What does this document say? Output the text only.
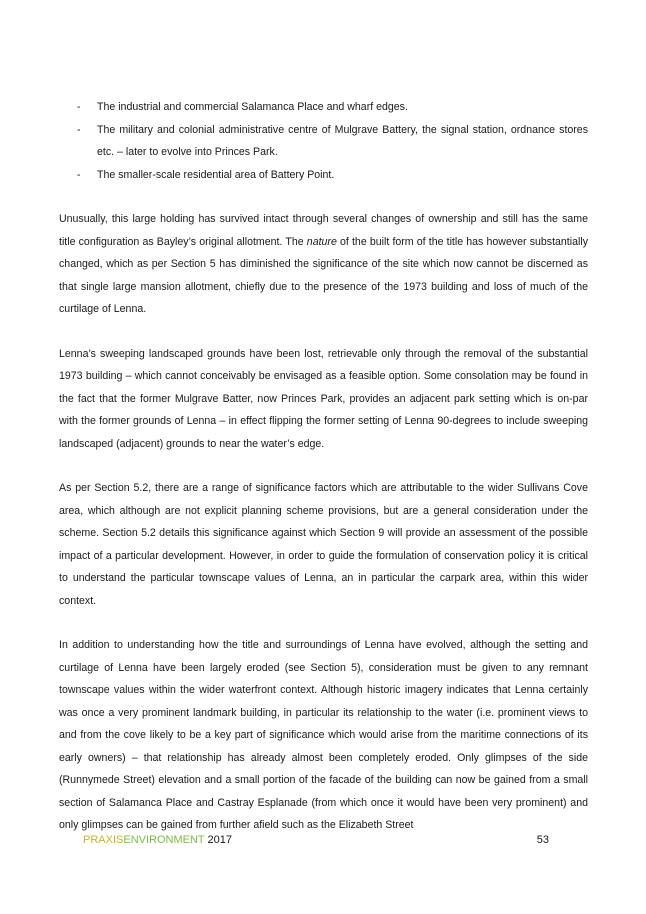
- The industrial and commercial Salamanca Place and wharf edges.
- The military and colonial administrative centre of Mulgrave Battery, the signal station, ordnance stores etc. – later to evolve into Princes Park.
- The smaller-scale residential area of Battery Point.

Unusually, this large holding has survived intact through several changes of ownership and still has the same title configuration as Bayley’s original allotment. The nature of the built form of the title has however substantially changed, which as per Section 5 has diminished the significance of the site which now cannot be discerned as that single large mansion allotment, chiefly due to the presence of the 1973 building and loss of much of the curtilage of Lenna.

Lenna’s sweeping landscaped grounds have been lost, retrievable only through the removal of the substantial 1973 building – which cannot conceivably be envisaged as a feasible option. Some consolation may be found in the fact that the former Mulgrave Batter, now Princes Park, provides an adjacent park setting which is on-par with the former grounds of Lenna – in effect flipping the former setting of Lenna 90-degrees to include sweeping landscaped (adjacent) grounds to near the water’s edge.

As per Section 5.2, there are a range of significance factors which are attributable to the wider Sullivans Cove area, which although are not explicit planning scheme provisions, but are a general consideration under the scheme. Section 5.2 details this significance against which Section 9 will provide an assessment of the possible impact of a particular development. However, in order to guide the formulation of conservation policy it is critical to understand the particular townscape values of Lenna, an in particular the carpark area, within this wider context.

In addition to understanding how the title and surroundings of Lenna have evolved, although the setting and curtilage of Lenna have been largely eroded (see Section 5), consideration must be given to any remnant townscape values within the wider waterfront context. Although historic imagery indicates that Lenna certainly was once a very prominent landmark building, in particular its relationship to the water (i.e. prominent views to and from the cove likely to be a key part of significance which would arise from the maritime connections of its early owners) – that relationship has already almost been completely eroded. Only glimpses of the side (Runnymede Street) elevation and a small portion of the facade of the building can now be gained from a small section of Salamanca Place and Castray Esplanade (from which once it would have been very prominent) and only glimpses can be gained from further afield such as the Elizabeth Street

PRAXISENVIRONMENT 2017	53
